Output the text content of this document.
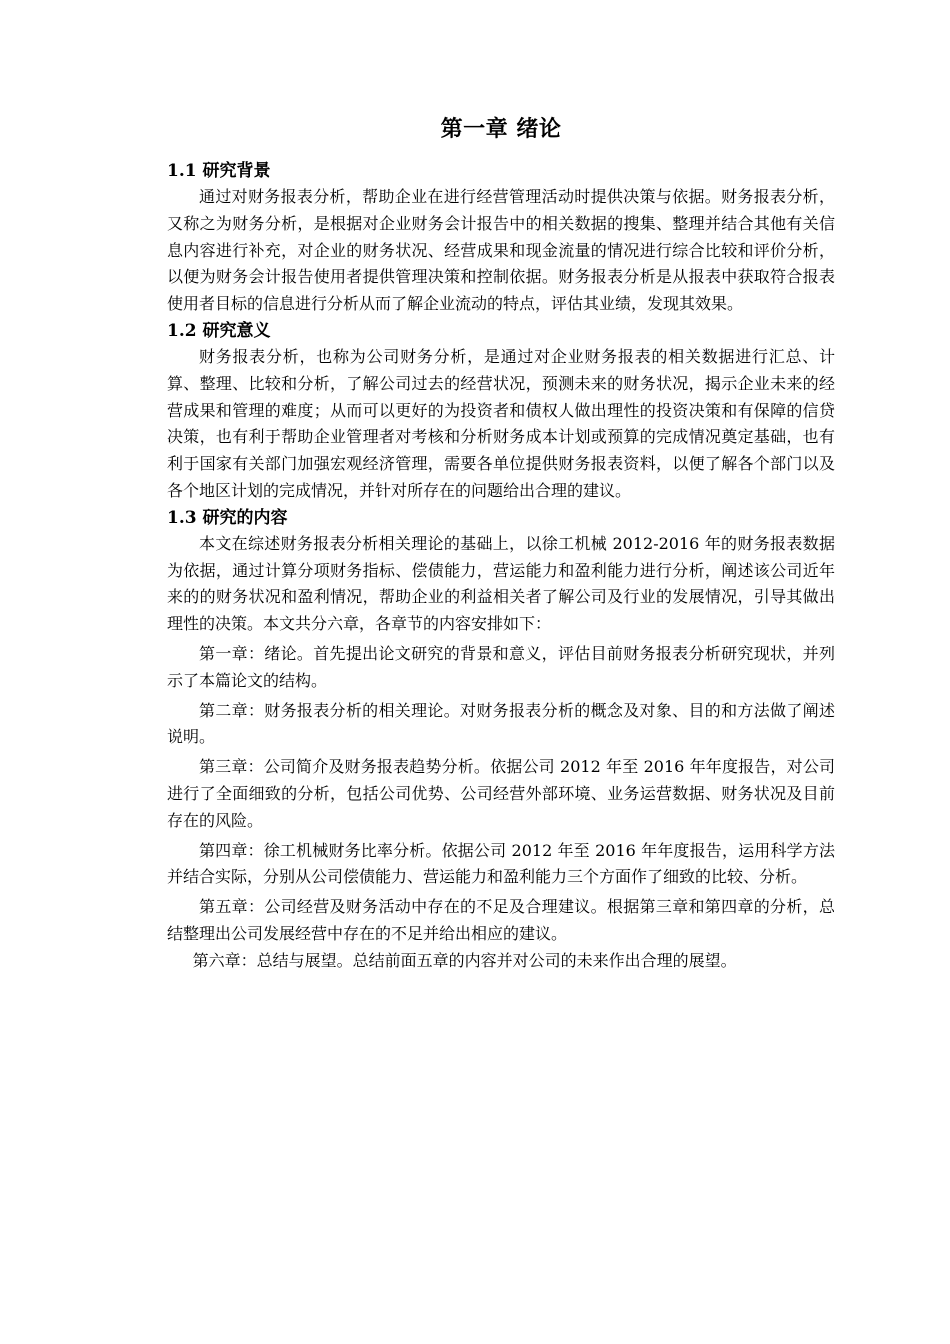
第一章 绪论
1.1 研究背景

通过对财务报表分析，帮助企业在进行经营管理活动时提供决策与依据。财务报表分析，又称之为财务分析，是根据对企业财务会计报告中的相关数据的搜集、整理并结合其他有关信息内容进行补充，对企业的财务状况、经营成果和现金流量的情况进行综合比较和评价分析，以便为财务会计报告使用者提供管理决策和控制依据。财务报表分析是从报表中获取符合报表使用者目标的信息进行分析从而了解企业流动的特点，评估其业绩，发现其效果。

1.2 研究意义

财务报表分析，也称为公司财务分析，是通过对企业财务报表的相关数据进行汇总、计算、整理、比较和分析，了解公司过去的经营状况，预测未来的财务状况，揭示企业未来的经营成果和管理的难度；从而可以更好的为投资者和债权人做出理性的投资决策和有保障的信贷决策，也有利于帮助企业管理者对考核和分析财务成本计划或预算的完成情况奠定基础，也有利于国家有关部门加强宏观经济管理，需要各单位提供财务报表资料，以便了解各个部门以及各个地区计划的完成情况，并针对所存在的问题给出合理的建议。

1.3 研究的内容

本文在综述财务报表分析相关理论的基础上，以徐工机械 2012-2016 年的财务报表数据为依据，通过计算分项财务指标、偿债能力，营运能力和盈利能力进行分析，阐述该公司近年来的的财务状况和盈利情况，帮助企业的利益相关者了解公司及行业的发展情况，引导其做出理性的决策。本文共分六章，各章节的内容安排如下：

第一章：绪论。首先提出论文研究的背景和意义，评估目前财务报表分析研究现状，并列示了本篇论文的结构。

第二章：财务报表分析的相关理论。对财务报表分析的概念及对象、目的和方法做了阐述说明。

第三章：公司简介及财务报表趋势分析。依据公司 2012 年至 2016 年年度报告，对公司进行了全面细致的分析，包括公司优势、公司经营外部环境、业务运营数据、财务状况及目前存在的风险。

第四章：徐工机械财务比率分析。依据公司 2012 年至 2016 年年度报告，运用科学方法并结合实际，分别从公司偿债能力、营运能力和盈利能力三个方面作了细致的比较、分析。

第五章：公司经营及财务活动中存在的不足及合理建议。根据第三章和第四章的分析，总结整理出公司发展经营中存在的不足并给出相应的建议。

第六章：总结与展望。总结前面五章的内容并对公司的未来作出合理的展望。
